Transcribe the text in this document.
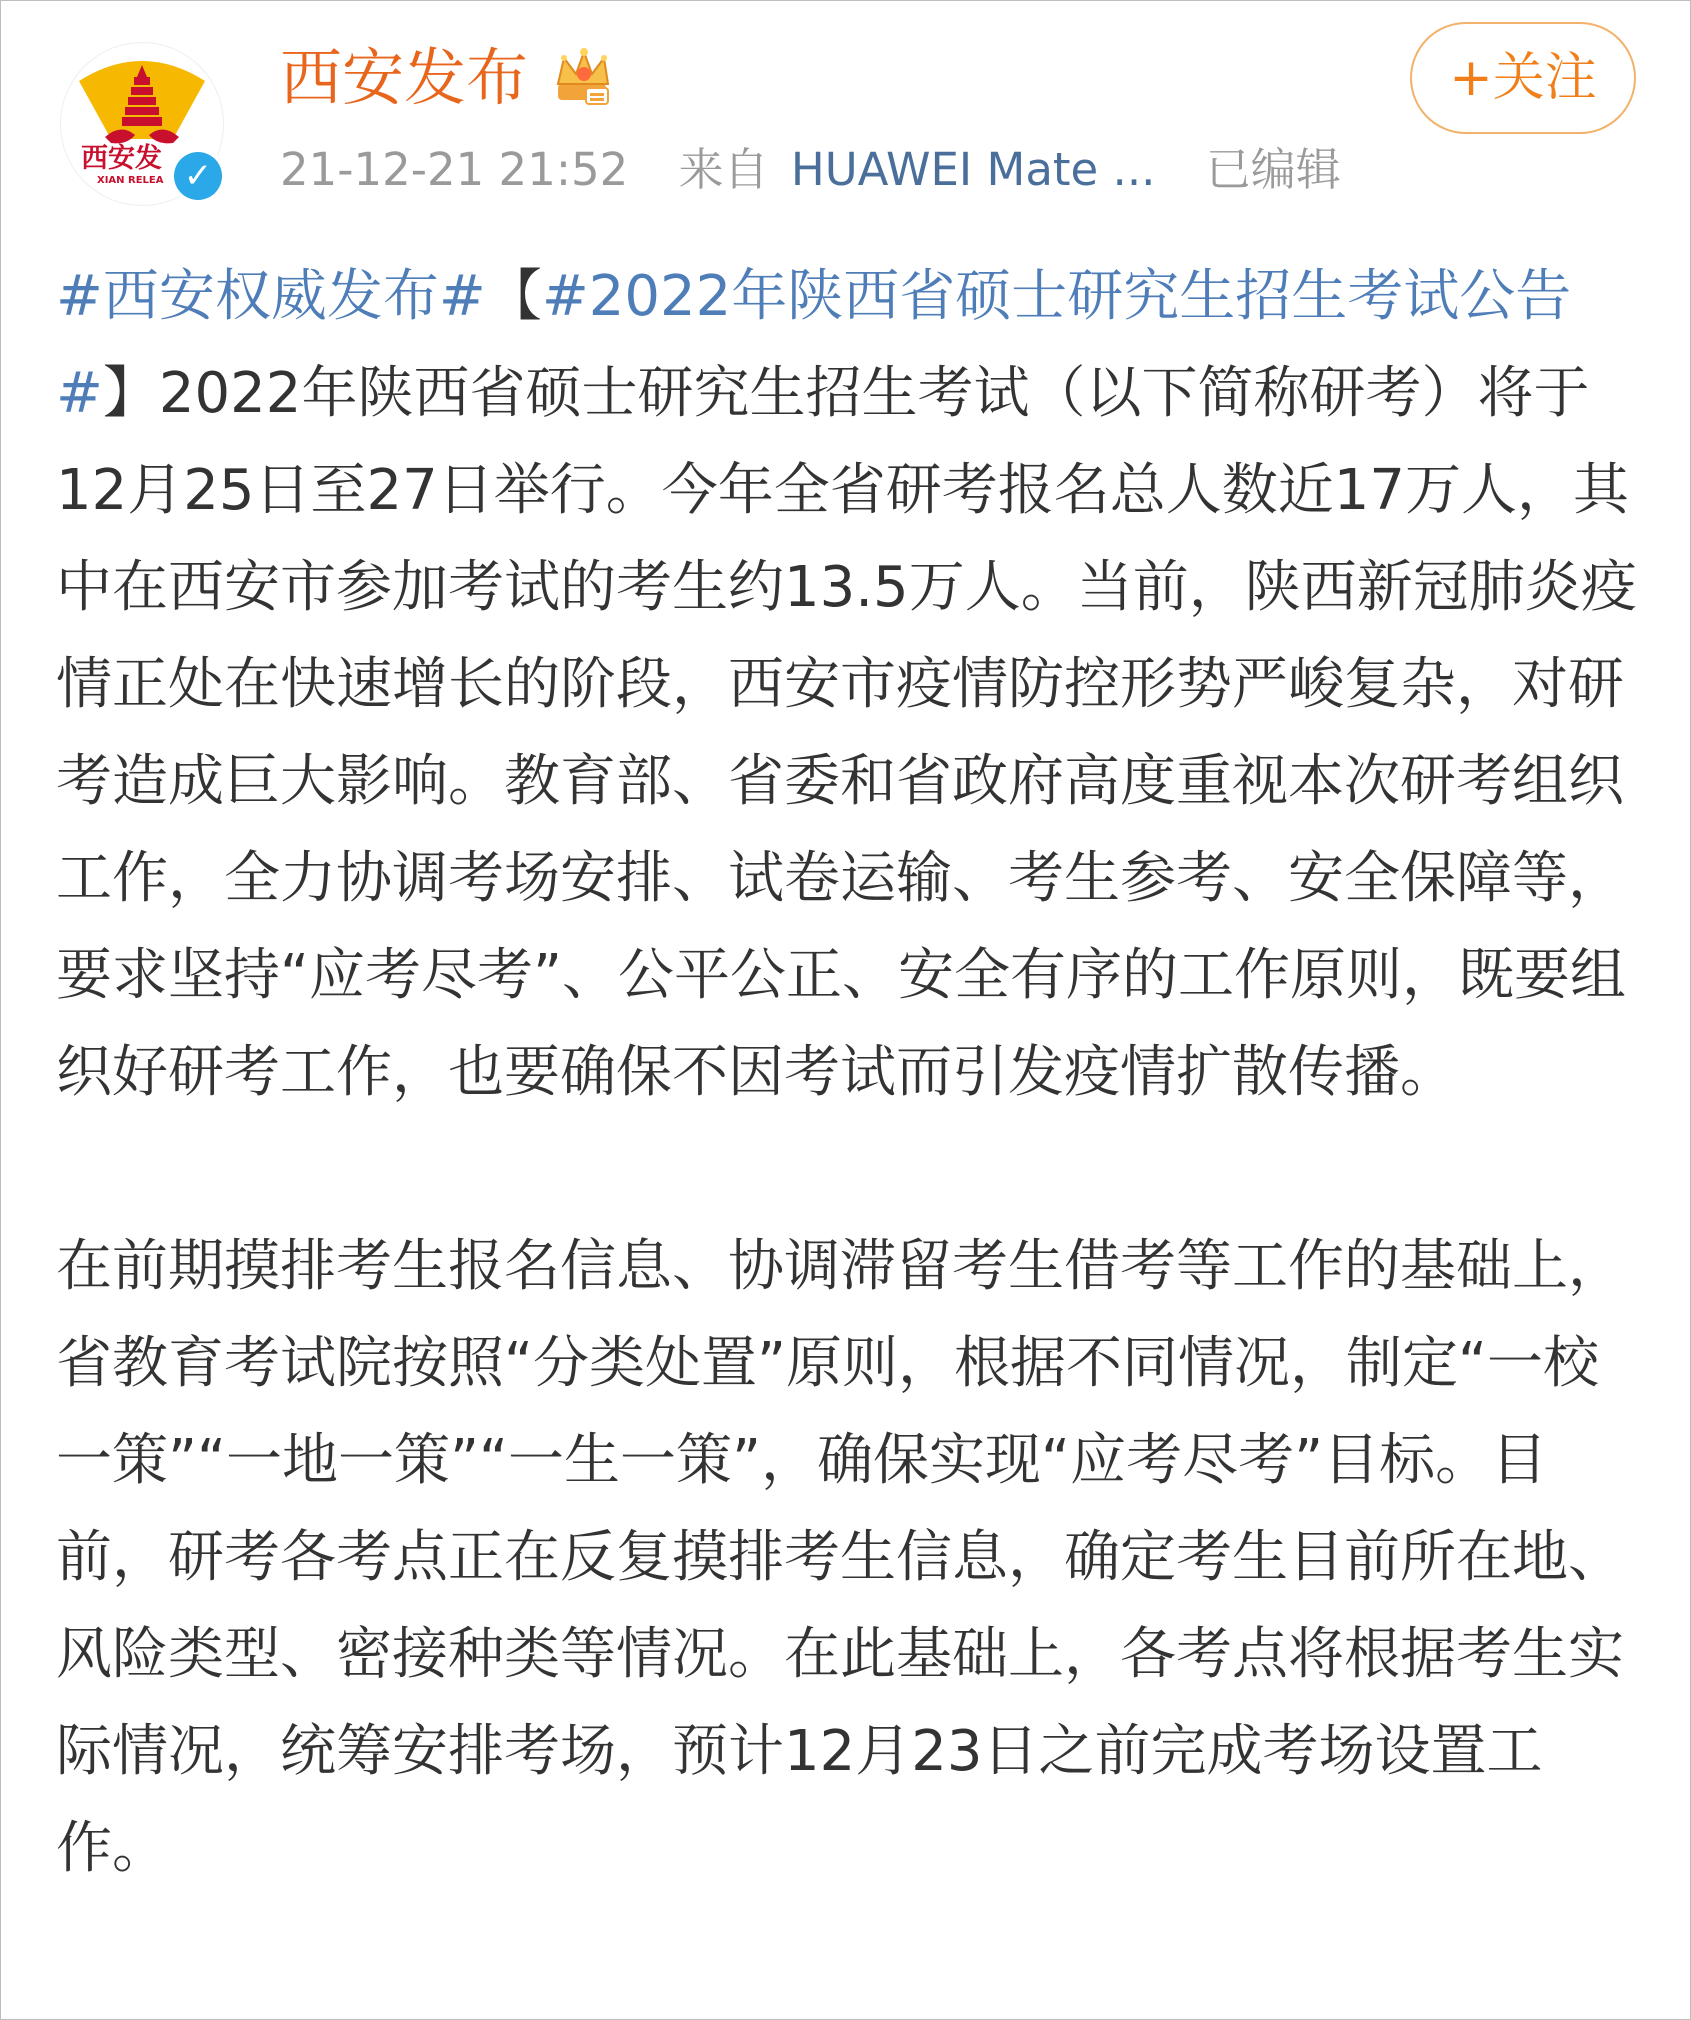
西安发
XIAN RELEA ✓
西安发布
21-12-21 21:52 来自 HUAWEI Mate ... 已编辑
+关注

#西安权威发布#【#2022年陕西省硕士研究生招生考试公告#】2022年陕西省硕士研究生招生考试（以下简称研考）将于12月25日至27日举行。今年全省研考报名总人数近17万人，其中在西安市参加考试的考生约13.5万人。当前，陕西新冠肺炎疫情正处在快速增长的阶段，西安市疫情防控形势严峻复杂，对研考造成巨大影响。教育部、省委和省政府高度重视本次研考组织工作，全力协调考场安排、试卷运输、考生参考、安全保障等，要求坚持“应考尽考”、公平公正、安全有序的工作原则，既要组织好研考工作，也要确保不因考试而引发疫情扩散传播。

在前期摸排考生报名信息、协调滞留考生借考等工作的基础上，省教育考试院按照“分类处置”原则，根据不同情况，制定“一校一策”“一地一策”“一生一策”，确保实现“应考尽考”目标。目前，研考各考点正在反复摸排考生信息，确定考生目前所在地、风险类型、密接种类等情况。在此基础上，各考点将根据考生实际情况，统筹安排考场，预计12月23日之前完成考场设置工作。
